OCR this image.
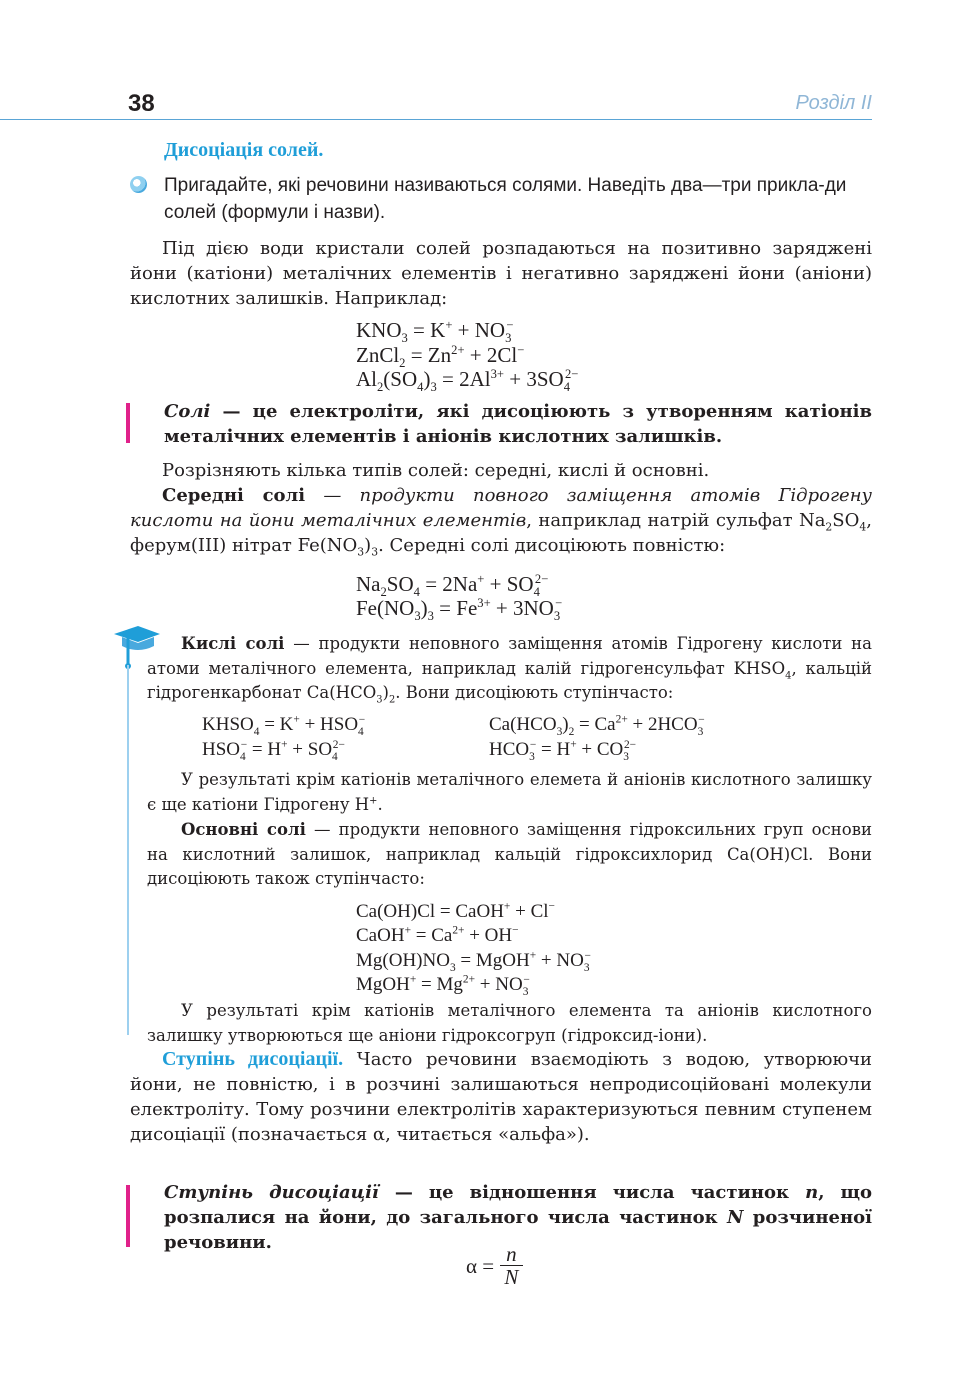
38	Розділ ІІ
Дисоціація солей.

Пригадайте, які речовини називаються солями. Наведіть два—три прикла-ди солей (формули і назви).

Під дією води кристали солей розпадаються на позитивно заряджені йони (катіони) металічних елементів і негативно заряджені йони (аніони) кислотних залишків. Наприклад:

$KNO_3 = K^+ + NO_3^-$
ZnCl$_2$ = $Zn^{2+} + 2Cl^-$
$Al_2(SO_4)_3 = 2Al^{3+} + 3SO_4^{2-}$

Солі — це електроліти, які дисоціюють з утворенням катіонів металічних елементів і аніонів кислотних залишків.

Розрізняють кілька типів солей: середні, кислі й основні.

Середні солі — продукти повного заміщення атомів Гідрогену кислоти на йони металічних елементів, наприклад натрій сульфат $Na_2SO_4$, ферум(ІІІ) нітрат $Fe(NO_3)_3$. Середні солі дисоціюють повністю:

$Na_2SO_4 = 2Na^+ + SO_4^{2-}$
$Fe(NO_3)_3 = Fe^{3+} + 3NO_3^-$

Кислі солі — продукти неповного заміщення атомів Гідрогену кислоти на атоми металічного елемента, наприклад калій гідрогенсульфат $KHSO_4$, кальцій гідрогенкарбонат $Ca(HCO_3)_2$. Вони дисоціюють ступінчасто:

$KHSO_4 = K^+ + HSO_4^-$
$HSO_4^- = H^+ + SO_4^{2-}$
$Ca(HCO_3)_2 = Ca^{2+} + 2HCO_3^-$
$HCO_3^- = H^+ + CO_3^{2-}$

У результаті крім катіонів металічного елемета й аніонів кислотного залишку є ще катіони Гідрогену H+.

Основні солі — продукти неповного заміщення гідроксильних груп основи на кислотний залишок, наприклад кальцій гідроксихлорид Ca(OH)Cl. Вони дисоціюють також ступінчасто:

Ca(OH)Cl = CaOH+ + Cl−
CaOH+ = $Ca^{2+} + OH^-$
$Mg(OH)NO_3$ = MgOH+ + $NO_3^-$
MgOH+ = $Mg^{2+} + NO_3^-$

У результаті крім катіонів металічного елемента та аніонів кислотного залишку утворюються ще аніони гідроксогруп (гідроксид-іони).

Ступінь дисоціації. Часто речовини взаємодіють з водою, утворюючи йони, не повністю, і в розчині залишаються непродисоційовані молекули електроліту. Тому розчини електролітів характеризуються певним ступенем дисоціації (позначається α, читається «альфа»).

Ступінь дисоціації — це відношення числа частинок n, що розпалися на йони, до загального числа частинок N розчиненої речовини.

$\alpha = \frac{n}{N}$
